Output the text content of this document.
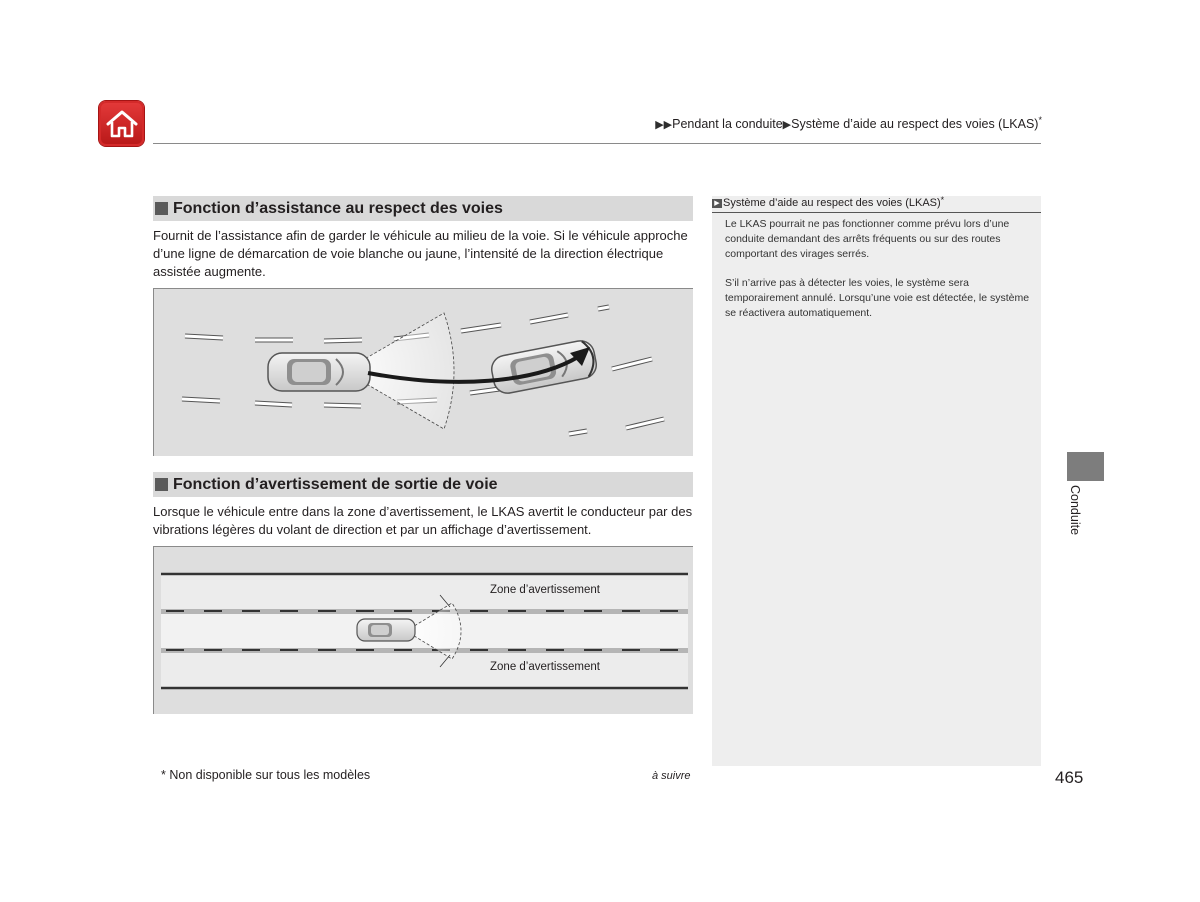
▶▶Pendant la conduite▶Système d’aide au respect des voies (LKAS)*
Fonction d’assistance au respect des voies
Fournit de l’assistance afin de garder le véhicule au milieu de la voie. Si le véhicule approche d’une ligne de démarcation de voie blanche ou jaune, l’intensité de la direction électrique assistée augmente.
Fonction d’avertissement de sortie de voie
Lorsque le véhicule entre dans la zone d’avertissement, le LKAS avertit le conducteur par des vibrations légères du volant de direction et par un affichage d’avertissement.
Zone d’avertissement
Zone d’avertissement
▶ Système d’aide au respect des voies (LKAS)*
Le LKAS pourrait ne pas fonctionner comme prévu lors d’une conduite demandant des arrêts fréquents ou sur des routes comportant des virages serrés.
S’il n’arrive pas à détecter les voies, le système sera temporairement annulé. Lorsqu’une voie est détectée, le système se réactivera automatiquement.
Conduite
* Non disponible sur tous les modèles	à suivre	465
